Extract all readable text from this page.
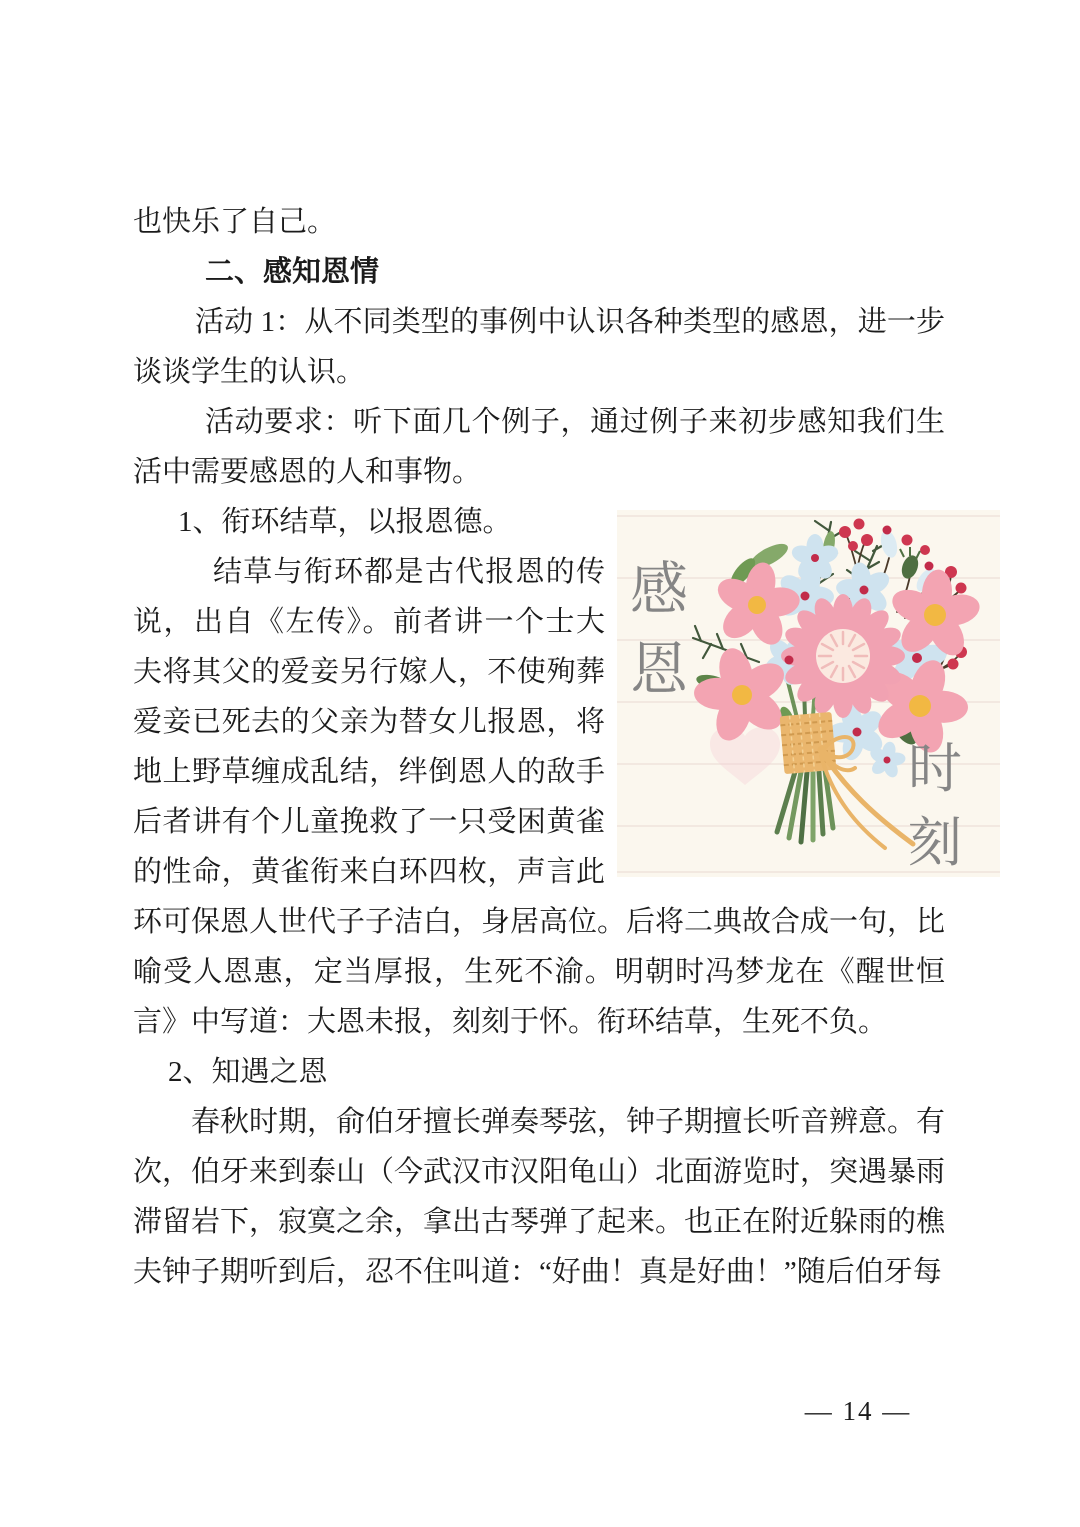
也快乐了自己。

二、感知恩情

活动 1：从不同类型的事例中认识各种类型的感恩，进一步谈谈学生的认识。

活动要求：听下面几个例子，通过例子来初步感知我们生活中需要感恩的人和事物。

感恩
时刻
1、衔环结草，以报恩德。

结草与衔环都是古代报恩的传说，出自《左传》。前者讲一个士大夫将其父的爱妾另行嫁人，不使殉葬爱妾已死去的父亲为替女儿报恩，将地上野草缠成乱结，绊倒恩人的敌手后者讲有个儿童挽救了一只受困黄雀的性命，黄雀衔来白环四枚，声言此环可保恩人世代子子洁白，身居高位。后将二典故合成一句，比喻受人恩惠，定当厚报，生死不渝。明朝时冯梦龙在《醒世恒言》中写道：大恩未报，刻刻于怀。衔环结草，生死不负。

2、知遇之恩

春秋时期，俞伯牙擅长弹奏琴弦，钟子期擅长听音辨意。有次，伯牙来到泰山（今武汉市汉阳龟山）北面游览时，突遇暴雨滞留岩下，寂寞之余，拿出古琴弹了起来。也正在附近躲雨的樵夫钟子期听到后，忍不住叫道：“好曲！真是好曲！”随后伯牙每

— 14 —
